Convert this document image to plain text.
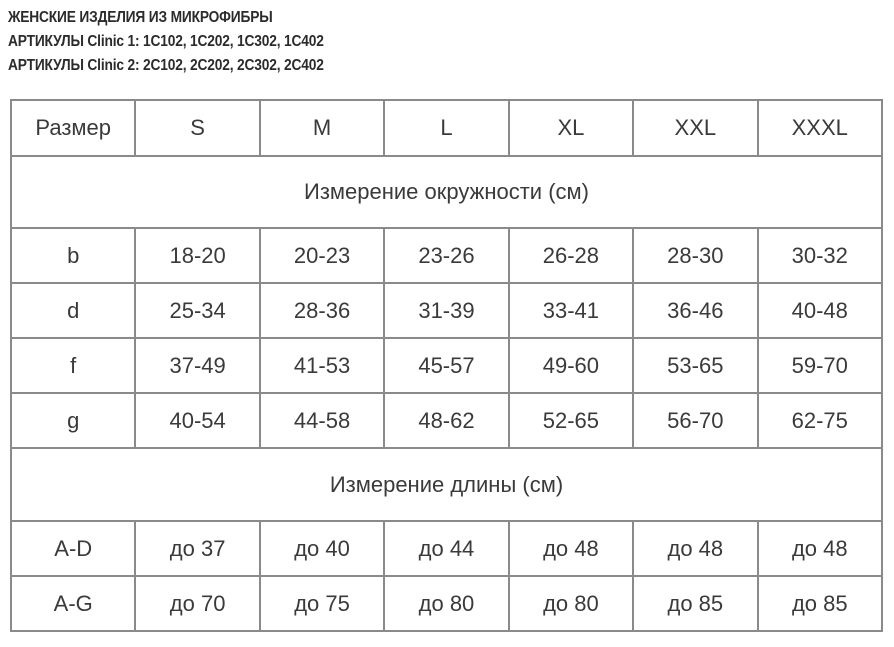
ЖЕНСКИЕ ИЗДЕЛИЯ ИЗ МИКРОФИБРЫ
АРТИКУЛЫ Clinic 1: 1С102, 1С202, 1С302, 1С402
АРТИКУЛЫ Clinic 2: 2С102, 2С202, 2С302, 2С402
Размер	S	M	L	XL	XXL	XXXL
Измерение окружности (см)						
b	18-20	20-23	23-26	26-28	28-30	30-32
d	25-34	28-36	31-39	33-41	36-46	40-48
f	37-49	41-53	45-57	49-60	53-65	59-70
g	40-54	44-58	48-62	52-65	56-70	62-75
Измерение длины (см)						
A-D	до 37	до 40	до 44	до 48	до 48	до 48
A-G	до 70	до 75	до 80	до 80	до 85	до 85
